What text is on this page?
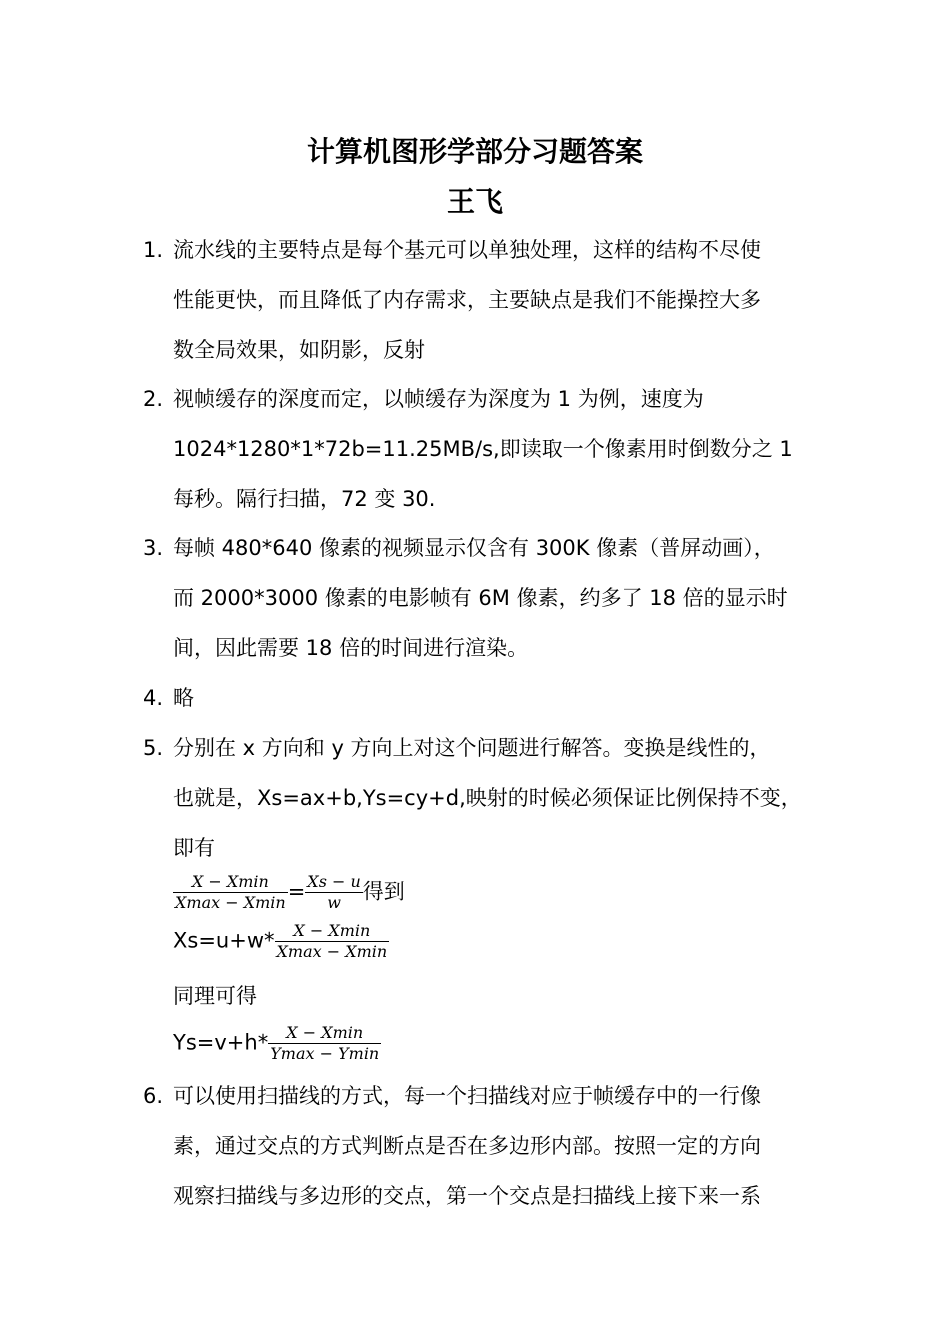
计算机图形学部分习题答案
王飞
1. 流水线的主要特点是每个基元可以单独处理，这样的结构不尽使
性能更快，而且降低了内存需求，主要缺点是我们不能操控大多
数全局效果，如阴影，反射
2. 视帧缓存的深度而定，以帧缓存为深度为 1 为例，速度为
1024*1280*1*72b=11.25MB/s,即读取一个像素用时倒数分之 1
每秒。隔行扫描，72 变 30.
3. 每帧 480*640 像素的视频显示仅含有 300K 像素（普屏动画），
而 2000*3000 像素的电影帧有 6M 像素，约多了 18 倍的显示时
间，因此需要 18 倍的时间进行渲染。
4. 略
5. 分别在 x 方向和 y 方向上对这个问题进行解答。变换是线性的，
也就是，Xs=ax+b,Ys=cy+d,映射的时候必须保证比例保持不变，
即有
$\frac{X - Xmin}{Xmax - Xmin} = \frac{Xs - u}{w}$ 得到
$Xs=u+w* \frac{X - Xmin}{Xmax - Xmin}$
同理可得
$Ys=v+h* \frac{X - Xmin}{Ymax - Ymin}$
6. 可以使用扫描线的方式，每一个扫描线对应于帧缓存中的一行像
素，通过交点的方式判断点是否在多边形内部。按照一定的方向
观察扫描线与多边形的交点，第一个交点是扫描线上接下来一系
